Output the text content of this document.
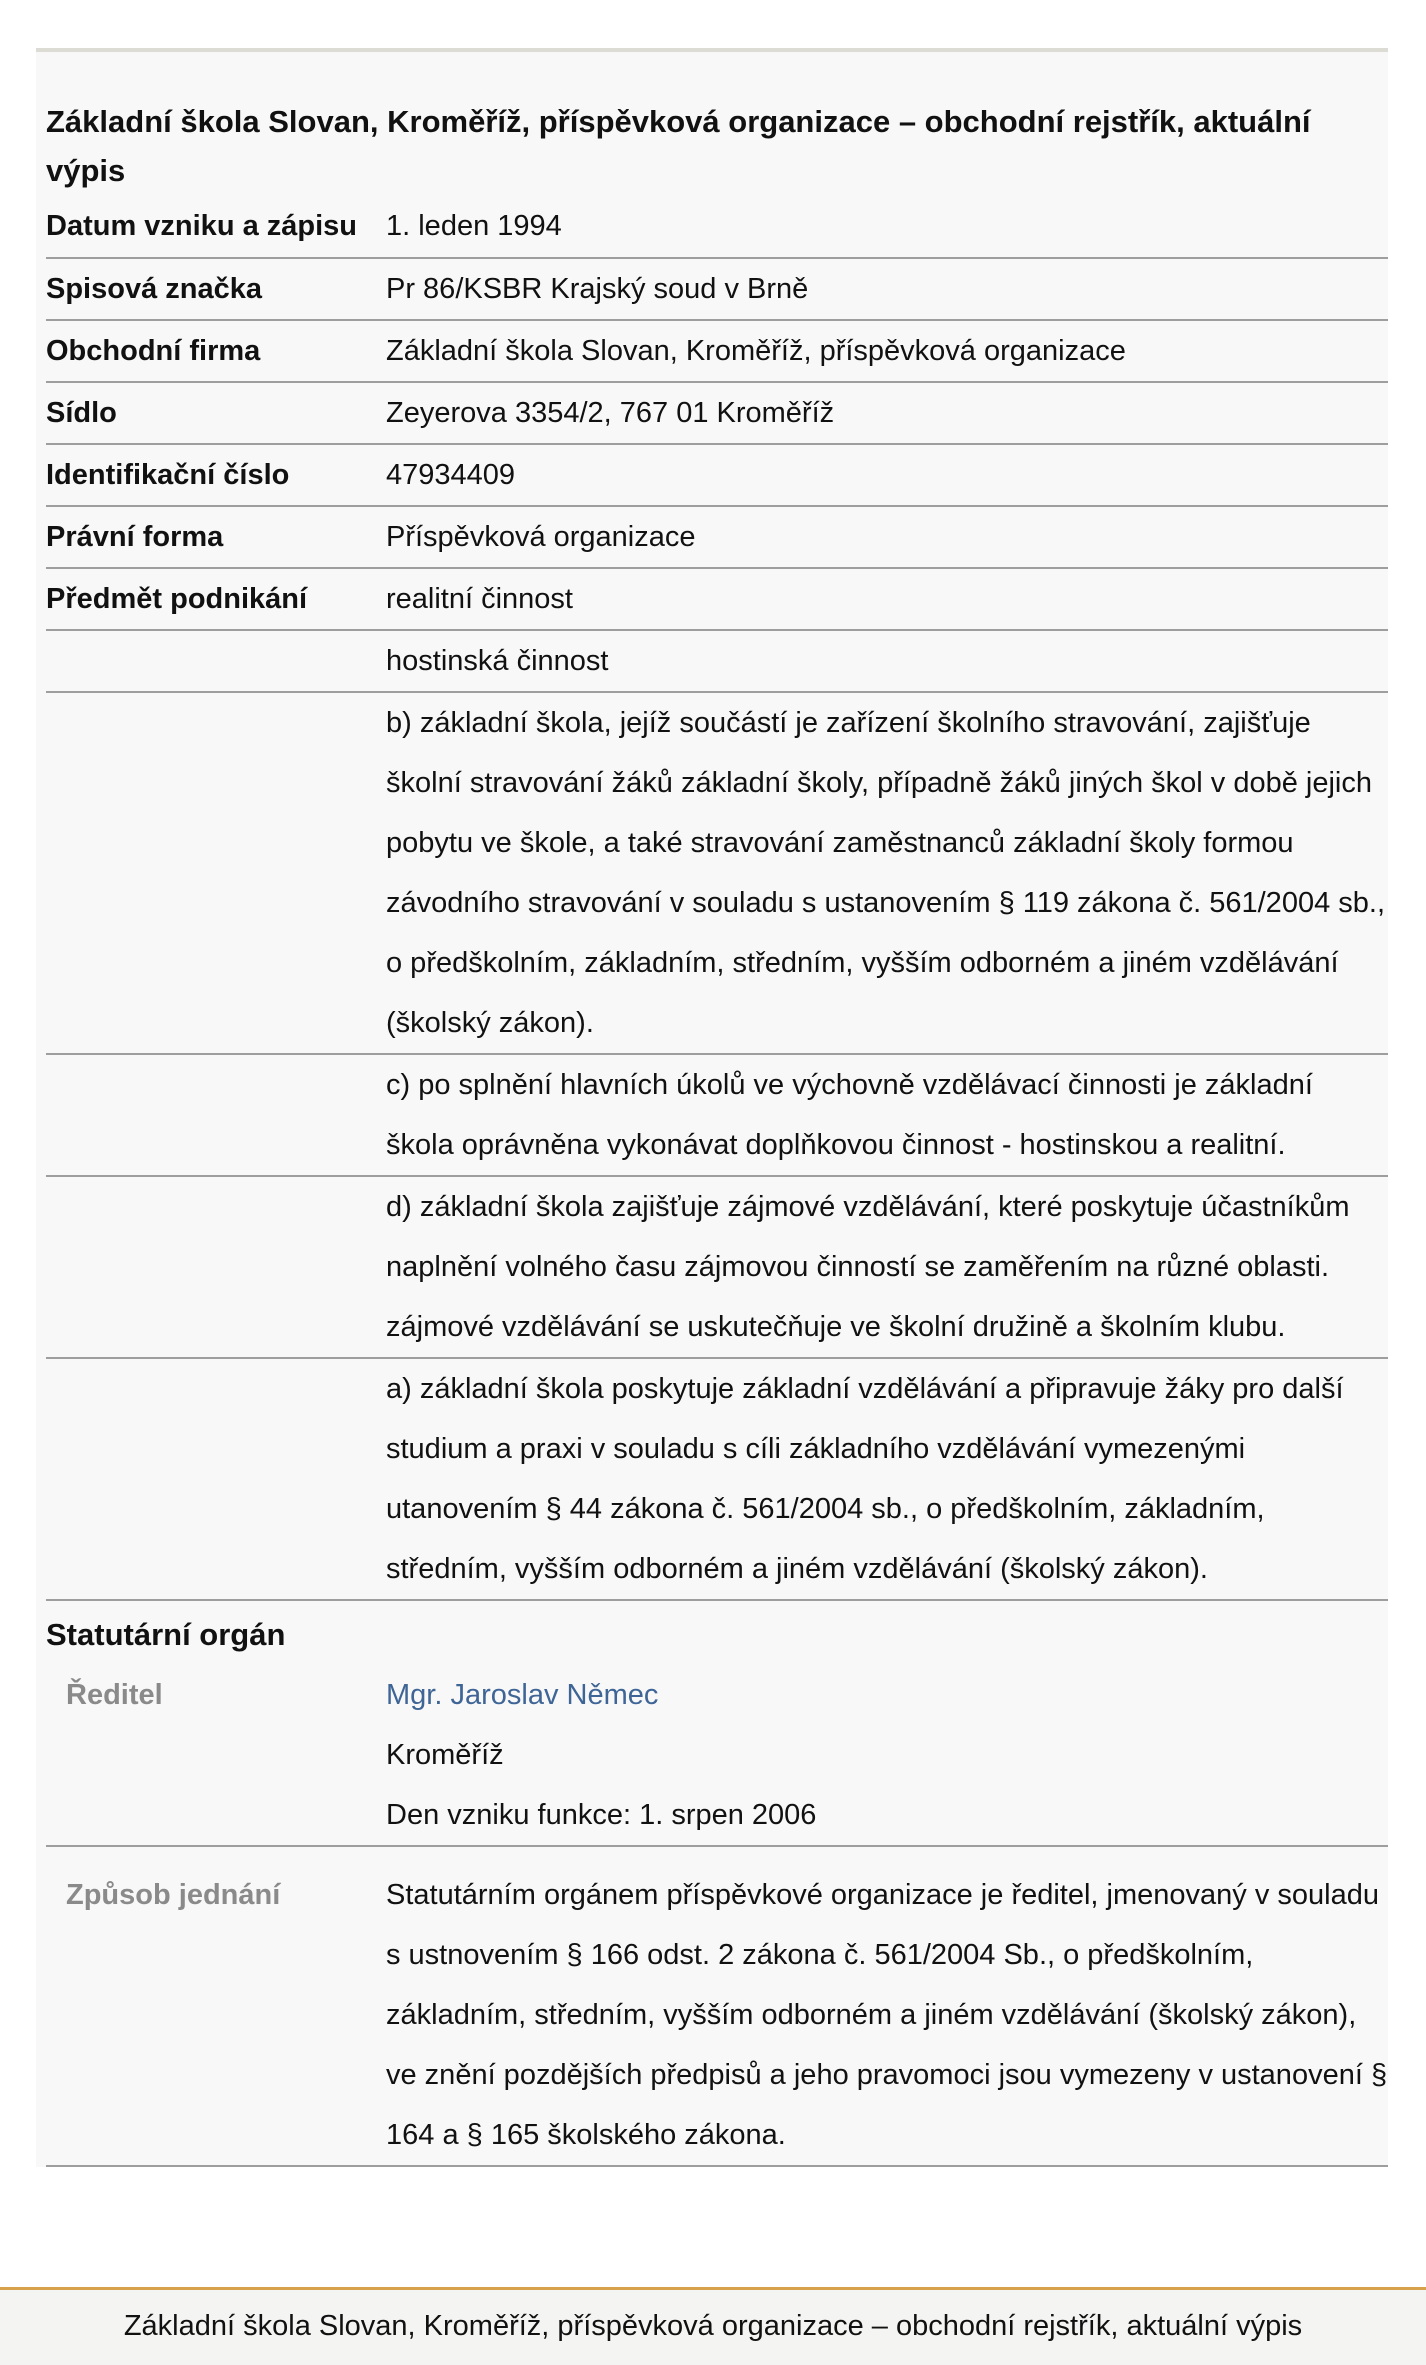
Základní škola Slovan, Kroměříž, příspěvková organizace – obchodní rejstřík, aktuální výpis
Datum vzniku a zápisu	1. leden 1994
Spisová značka	Pr 86/KSBR Krajský soud v Brně
Obchodní firma	Základní škola Slovan, Kroměříž, příspěvková organizace
Sídlo	Zeyerova 3354/2, 767 01 Kroměříž
Identifikační číslo	47934409
Právní forma	Příspěvková organizace
Předmět podnikání	realitní činnost
	hostinská činnost
	b) základní škola, jejíž součástí je zařízení školního stravování, zajišťuje školní stravování žáků základní školy, případně žáků jiných škol v době jejich pobytu ve škole, a také stravování zaměstnanců základní školy formou závodního stravování v souladu s ustanovením § 119 zákona č. 561/2004 sb., o předškolním, základním, středním, vyšším odborném a jiném vzdělávání (školský zákon).
	c) po splnění hlavních úkolů ve výchovně vzdělávací činnosti je základní škola oprávněna vykonávat doplňkovou činnost - hostinskou a realitní.
	d) základní škola zajišťuje zájmové vzdělávání, které poskytuje účastníkům naplnění volného času zájmovou činností se zaměřením na různé oblasti. zájmové vzdělávání se uskutečňuje ve školní družině a školním klubu.
	a) základní škola poskytuje základní vzdělávání a připravuje žáky pro další studium a praxi v souladu s cíli základního vzdělávání vymezenými utanovením § 44 zákona č. 561/2004 sb., o předškolním, základním, středním, vyšším odborném a jiném vzdělávání (školský zákon).
Statutární orgán	
Ředitel	Mgr. Jaroslav Němec
Kroměříž
Den vzniku funkce: 1. srpen 2006

Způsob jednání	Statutárním orgánem příspěvkové organizace je ředitel, jmenovaný v souladu s ustnovením § 166 odst. 2 zákona č. 561/2004 Sb., o předškolním, základním, středním, vyšším odborném a jiném vzdělávání (školský zákon), ve znění pozdějších předpisů a jeho pravomoci jsou vymezeny v ustanovení § 164 a § 165 školského zákona.
Základní škola Slovan, Kroměříž, příspěvková organizace – obchodní rejstřík, aktuální výpis
